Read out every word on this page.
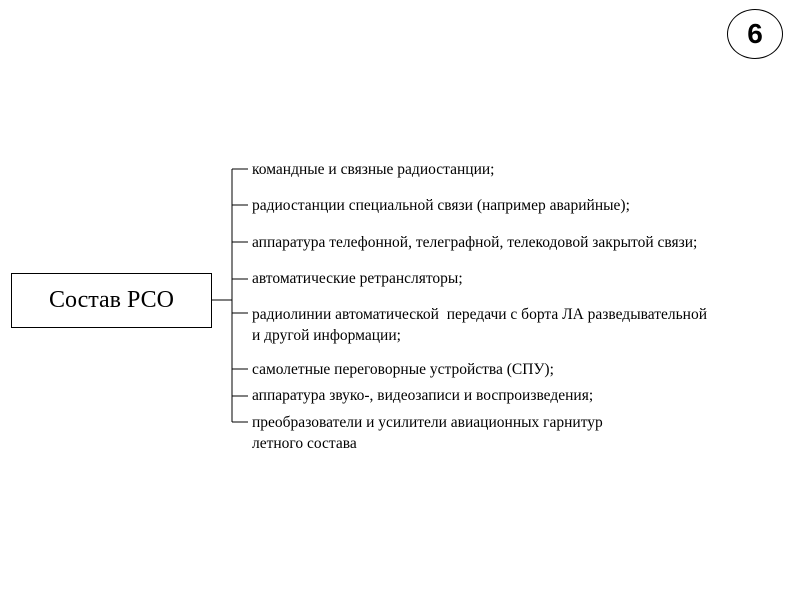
6
Состав РСО
командные и связные радиостанции;
радиостанции специальной связи (например аварийные);
аппаратура телефонной, телеграфной, телекодовой закрытой связи;
автоматические ретрансляторы;
радиолинии автоматической  передачи с борта ЛА разведывательной
и другой информации;
самолетные переговорные устройства (СПУ);
аппаратура звуко-, видеозаписи и воспроизведения;
преобразователи и усилители авиационных гарнитур
летного состава
